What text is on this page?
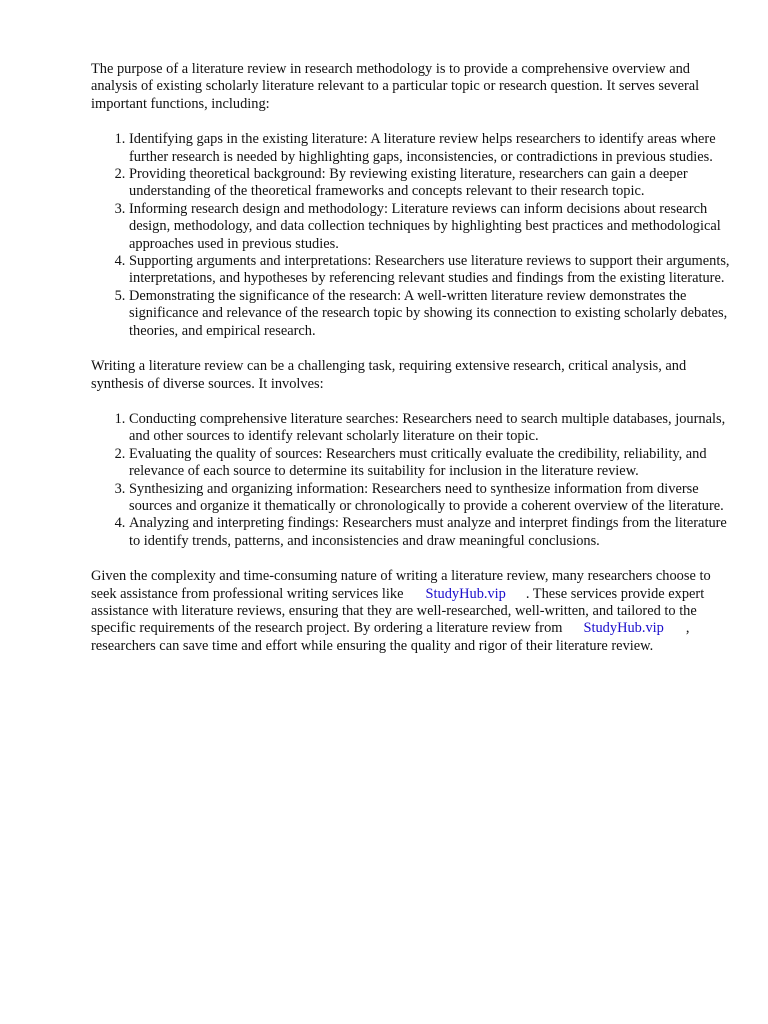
The purpose of a literature review in research methodology is to provide a comprehensive overview and analysis of existing scholarly literature relevant to a particular topic or research question. It serves several important functions, including:

1. Identifying gaps in the existing literature: A literature review helps researchers to identify areas where further research is needed by highlighting gaps, inconsistencies, or contradictions in previous studies.
2. Providing theoretical background: By reviewing existing literature, researchers can gain a deeper understanding of the theoretical frameworks and concepts relevant to their research topic.
3. Informing research design and methodology: Literature reviews can inform decisions about research design, methodology, and data collection techniques by highlighting best practices and methodological approaches used in previous studies.
4. Supporting arguments and interpretations: Researchers use literature reviews to support their arguments, interpretations, and hypotheses by referencing relevant studies and findings from the existing literature.
5. Demonstrating the significance of the research: A well-written literature review demonstrates the significance and relevance of the research topic by showing its connection to existing scholarly debates, theories, and empirical research.

Writing a literature review can be a challenging task, requiring extensive research, critical analysis, and synthesis of diverse sources. It involves:

1. Conducting comprehensive literature searches: Researchers need to search multiple databases, journals, and other sources to identify relevant scholarly literature on their topic.
2. Evaluating the quality of sources: Researchers must critically evaluate the credibility, reliability, and relevance of each source to determine its suitability for inclusion in the literature review.
3. Synthesizing and organizing information: Researchers need to synthesize information from diverse sources and organize it thematically or chronologically to provide a coherent overview of the literature.
4. Analyzing and interpreting findings: Researchers must analyze and interpret findings from the literature to identify trends, patterns, and inconsistencies and draw meaningful conclusions.

Given the complexity and time-consuming nature of writing a literature review, many researchers choose to seek assistance from professional writing services like StudyHub.vip . These services provide expert assistance with literature reviews, ensuring that they are well-researched, well-written, and tailored to the specific requirements of the research project. By ordering a literature review from StudyHub.vip , researchers can save time and effort while ensuring the quality and rigor of their literature review.
